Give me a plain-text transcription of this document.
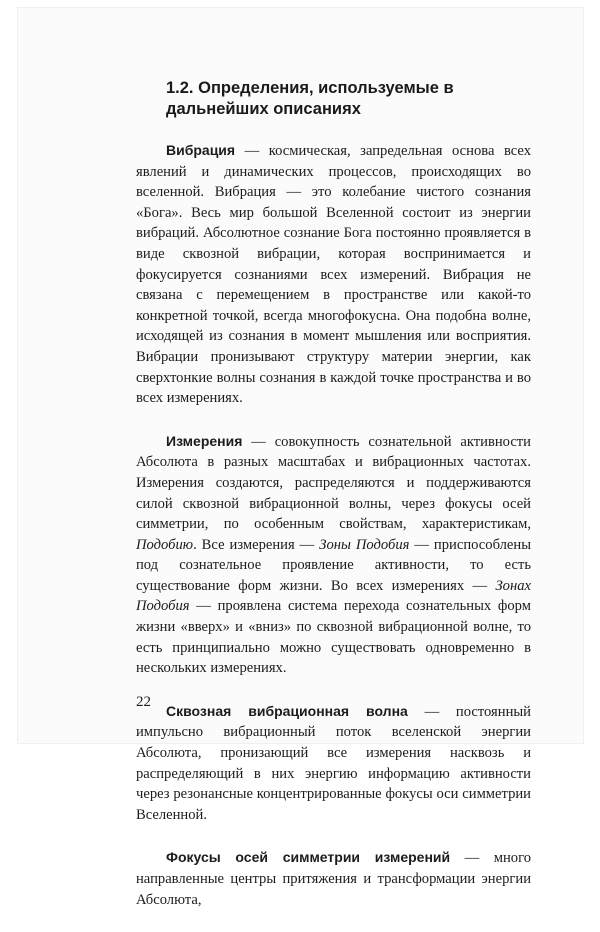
1.2. Определения, используемые в дальнейших описаниях

Вибрация — космическая, запредельная основа всех явлений и динамических процессов, происходящих во вселенной. Вибрация — это колебание чистого сознания «Бога». Весь мир большой Вселенной состоит из энергии вибраций. Абсолютное сознание Бога постоянно проявляется в виде сквозной вибрации, которая воспринимается и фокусируется сознаниями всех измерений. Вибрация не связана с перемещением в пространстве или какой-то конкретной точкой, всегда многофокусна. Она подобна волне, исходящей из сознания в момент мышления или восприятия. Вибрации пронизывают структуру материи энергии, как сверхтонкие волны сознания в каждой точке пространства и во всех измерениях.

Измерения — совокупность сознательной активности Абсолюта в разных масштабах и вибрационных частотах. Измерения создаются, распределяются и поддерживаются силой сквозной вибрационной волны, через фокусы осей симметрии, по особенным свойствам, характеристикам, Подобию. Все измерения — Зоны Подобия — приспособлены под сознательное проявление активности, то есть существование форм жизни. Во всех измерениях — Зонах Подобия — проявлена система перехода сознательных форм жизни «вверх» и «вниз» по сквозной вибрационной волне, то есть принципиально можно существовать одновременно в нескольких измерениях.

Сквозная вибрационная волна — постоянный импульсно вибрационный поток вселенской энергии Абсолюта, пронизающий все измерения насквозь и распределяющий в них энергию информацию активности через резонансные концентрированные фокусы оси симметрии Вселенной.

Фокусы осей симметрии измерений — много направленные центры притяжения и трансформации энергии Абсолюта,

22
